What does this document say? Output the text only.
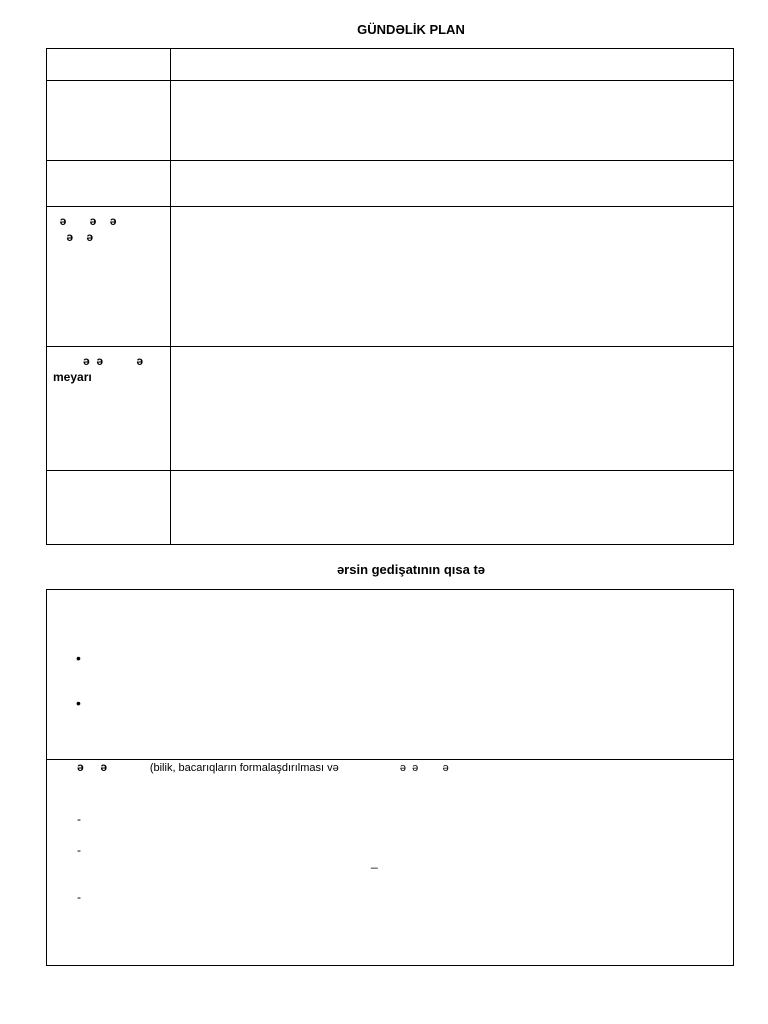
GÜNDƏLİK PLAN

ə       ə    ə
ə    ə	

ə  ə          ə
meyarı	

ərsin gedişatının qısa tə
•
•
ə     ə	(bilik, bacarıqların formalaşdırılması və                    ə  ə        ə
-
-
_
-
